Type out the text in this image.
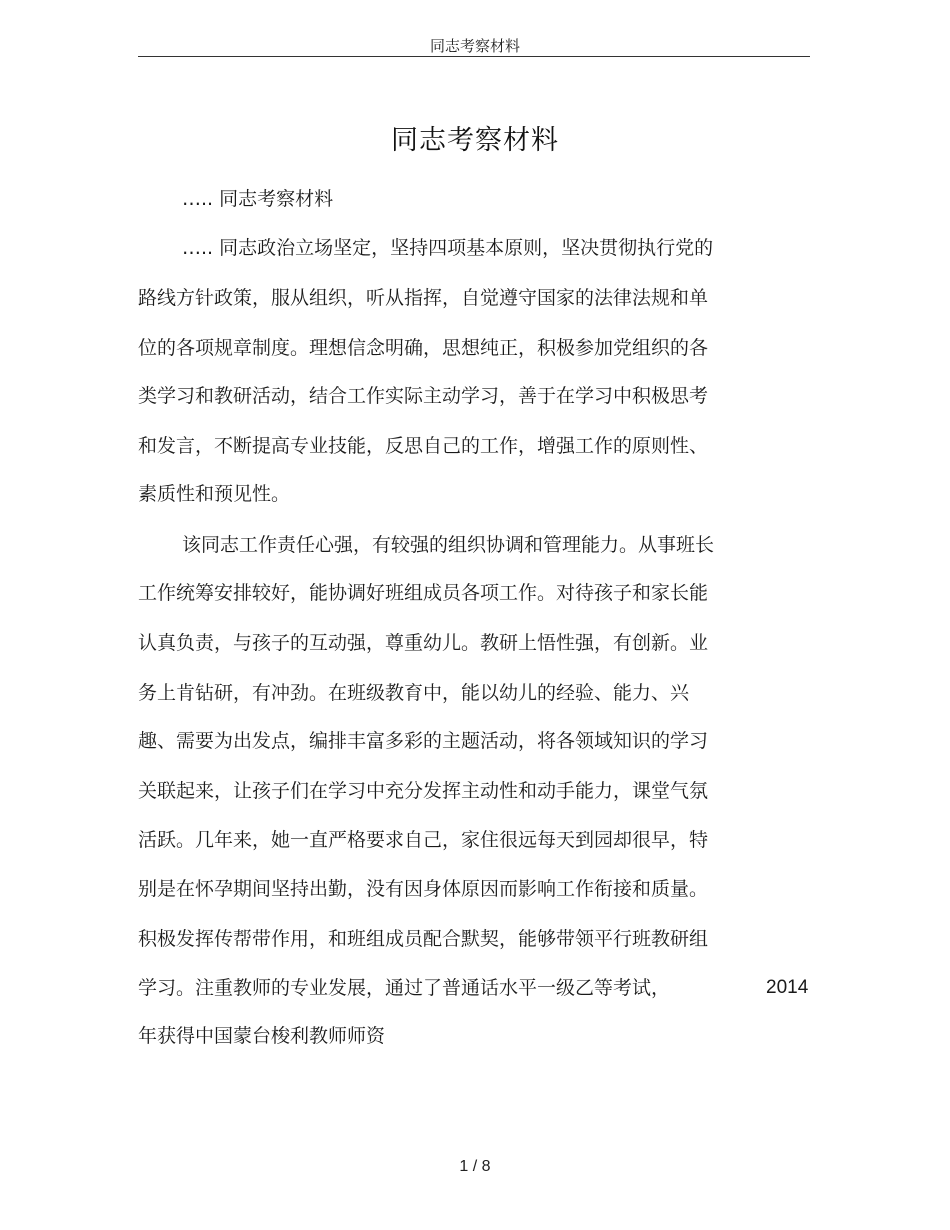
同志考察材料
同志考察材料
….. 同志考察材料
….. 同志政治立场坚定，坚持四项基本原则，坚决贯彻执行党的
路线方针政策，服从组织，听从指挥，自觉遵守国家的法律法规和单
位的各项规章制度。理想信念明确，思想纯正，积极参加党组织的各
类学习和教研活动，结合工作实际主动学习，善于在学习中积极思考
和发言，不断提高专业技能，反思自己的工作，增强工作的原则性、
素质性和预见性。
该同志工作责任心强，有较强的组织协调和管理能力。从事班长
工作统筹安排较好，能协调好班组成员各项工作。对待孩子和家长能
认真负责，与孩子的互动强，尊重幼儿。教研上悟性强，有创新。业
务上肯钻研，有冲劲。在班级教育中，能以幼儿的经验、能力、兴
趣、需要为出发点，编排丰富多彩的主题活动，将各领域知识的学习
关联起来，让孩子们在学习中充分发挥主动性和动手能力，课堂气氛
活跃。几年来，她一直严格要求自己，家住很远每天到园却很早，特
别是在怀孕期间坚持出勤，没有因身体原因而影响工作衔接和质量。
积极发挥传帮带作用，和班组成员配合默契，能够带领平行班教研组
学习。注重教师的专业发展，通过了普通话水平一级乙等考试，	2014
年获得中国蒙台梭利教师师资
1 / 8
